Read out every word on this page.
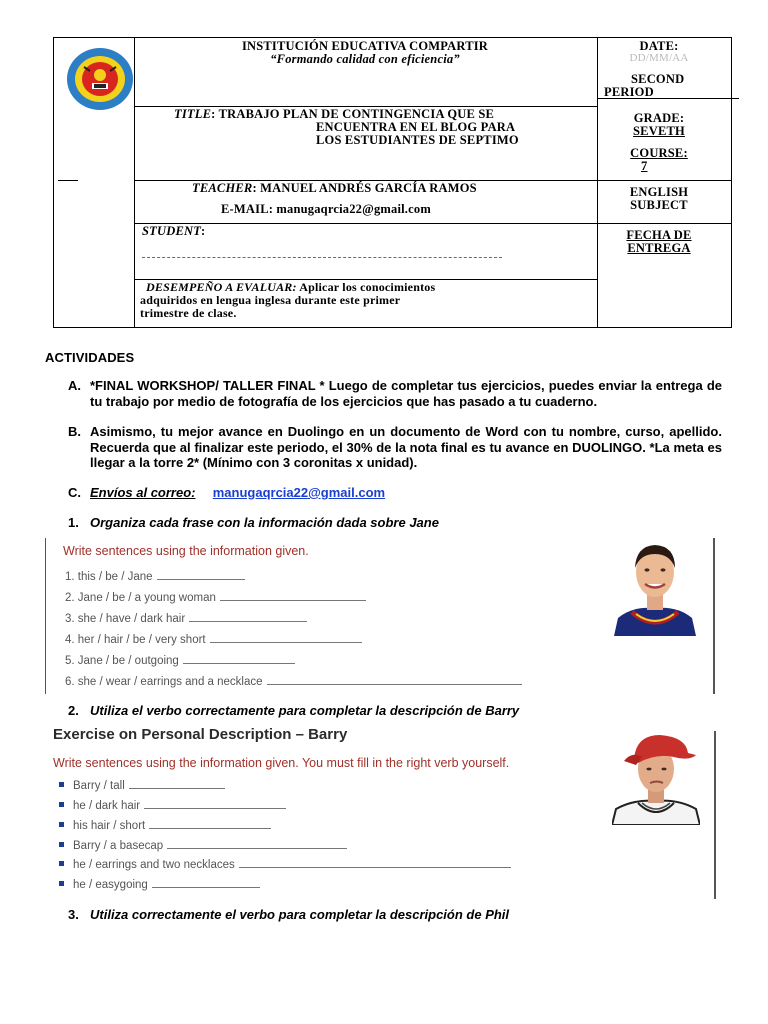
INSTITUCIÓN EDUCATIVA COMPARTIR
“Formando calidad con eficiencia”
DATE:
DD/MM/AA
SECOND
PERIOD
TITLE: TRABAJO PLAN DE CONTINGENCIA QUE SE
ENCUENTRA EN EL BLOG PARA
LOS ESTUDIANTES DE SEPTIMO
GRADE:
SEVETH
COURSE:
7
TEACHER: MANUEL ANDRÉS GARCÍA RAMOS
E-MAIL: manugaqrcia22@gmail.com
ENGLISH
SUBJECT
STUDENT:	FECHA DE
ENTREGA
DESEMPEÑO A EVALUAR: Aplicar los conocimientos
adquiridos en lengua inglesa durante este primer
trimestre de clase.
ACTIVIDADES
A. *FINAL WORKSHOP/ TALLER FINAL * Luego de completar tus ejercicios, puedes enviar la entrega de tu trabajo por medio de fotografía de los ejercicios que has pasado a tu cuaderno.
B. Asimismo, tu mejor avance en Duolingo en un documento de Word con tu nombre, curso, apellido. Recuerda que al finalizar este periodo, el 30% de la nota final es tu avance en DUOLINGO. *La meta es llegar a la torre 2* (Mínimo con 3 coronitas x unidad).
C. Envíos al correo: manugaqrcia22@gmail.com
1. Organiza cada frase con la información dada sobre Jane
Write sentences using the information given.
1. this / be / Jane
2. Jane / be / a young woman
3. she / have / dark hair
4. her / hair / be / very short
5. Jane / be / outgoing
6. she / wear / earrings and a necklace
2. Utiliza el verbo correctamente para completar la descripción de Barry
Exercise on Personal Description – Barry
Write sentences using the information given. You must fill in the right verb yourself.
Barry / tall
he / dark hair
his hair / short
Barry / a basecap
he / earrings and two necklaces
he / easygoing
3. Utiliza correctamente el verbo para completar la descripción de Phil
